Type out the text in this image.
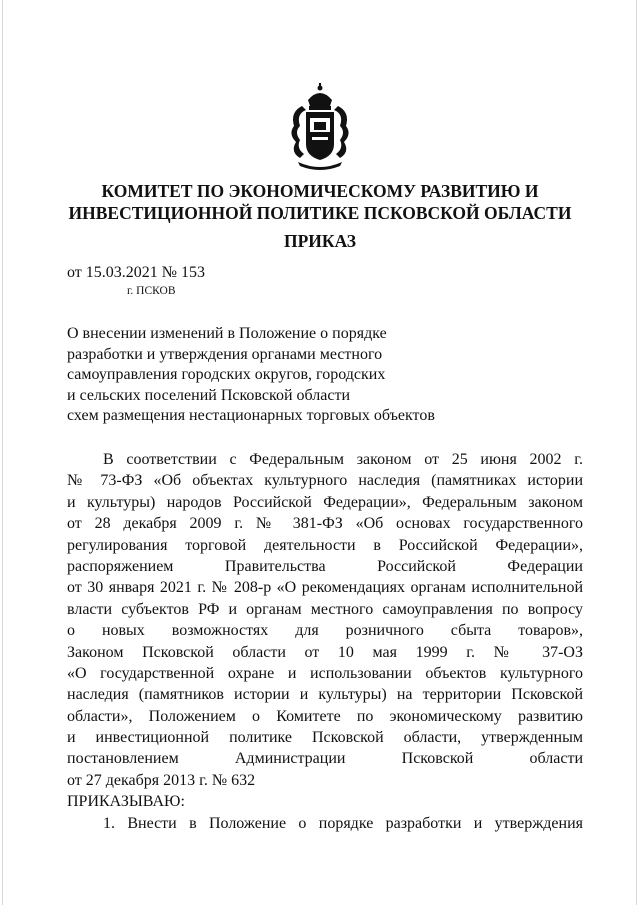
КОМИТЕТ ПО ЭКОНОМИЧЕСКОМУ РАЗВИТИЮ И
ИНВЕСТИЦИОННОЙ ПОЛИТИКЕ ПСКОВСКОЙ ОБЛАСТИ
ПРИКАЗ
от 15.03.2021 № 153
г. ПСКОВ
О внесении изменений в Положение о порядке
разработки и утверждения органами местного
самоуправления городских округов, городских
и сельских поселений Псковской области
схем размещения нестационарных торговых объектов
В соответствии с Федеральным законом от 25 июня 2002 г.
№ 73-ФЗ «Об объектах культурного наследия (памятниках истории
и культуры) народов Российской Федерации», Федеральным законом
от 28 декабря 2009 г. № 381-ФЗ «Об основах государственного
регулирования торговой деятельности в Российской Федерации»,
распоряжением Правительства Российской Федерации
от 30 января 2021 г. № 208-р «О рекомендациях органам исполнительной
власти субъектов РФ и органам местного самоуправления по вопросу
о новых возможностях для розничного сбыта товаров»,
Законом Псковской области от 10 мая 1999 г. № 37-ОЗ
«О государственной охране и использовании объектов культурного
наследия (памятников истории и культуры) на территории Псковской
области», Положением о Комитете по экономическому развитию
и инвестиционной политике Псковской области, утвержденным
постановлением Администрации Псковской области
от 27 декабря 2013 г. № 632
ПРИКАЗЫВАЮ:
1. Внести в Положение о порядке разработки и утверждения
